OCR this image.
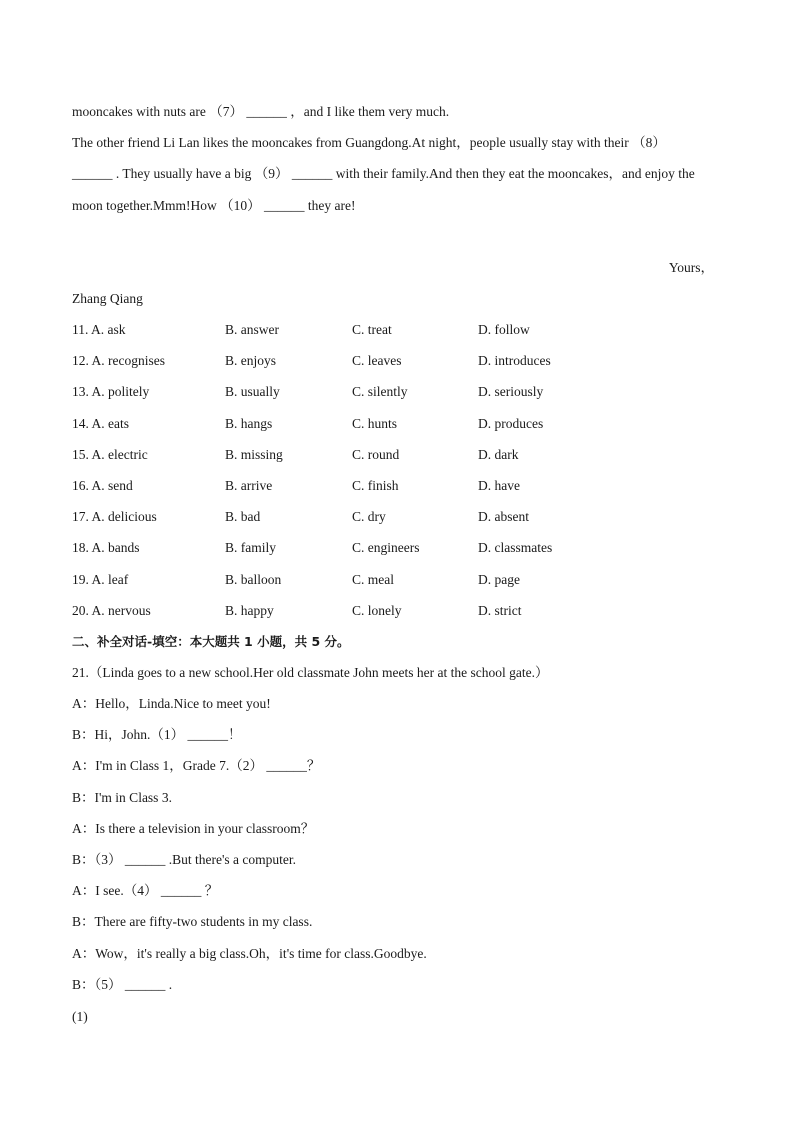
mooncakes with nuts are （7） ______ ，and I like them very much.
The other friend Li Lan likes the mooncakes from Guangdong.At night，people usually stay with their （8）
______ . They usually have a big （9） ______ with their family.And then they eat the mooncakes，and enjoy the
moon together.Mmm!How （10） ______ they are!
Yours，
Zhang Qiang
11. A. ask	B. answer	C. treat	D. follow
12. A. recognises	B. enjoys	C. leaves	D. introduces
13. A. politely	B. usually	C. silently	D. seriously
14. A. eats	B. hangs	C. hunts	D. produces
15. A. electric	B. missing	C. round	D. dark
16. A. send	B. arrive	C. finish	D. have
17. A. delicious	B. bad	C. dry	D. absent
18. A. bands	B. family	C. engineers	D. classmates
19. A. leaf	B. balloon	C. meal	D. page
20. A. nervous	B. happy	C. lonely	D. strict
二、补全对话-填空：本大题共 1 小题，共 5 分。
21.（Linda goes to a new school.Her old classmate John meets her at the school gate.）
A：Hello，Linda.Nice to meet you!
B：Hi，John.（1） ______！
A：I'm in Class 1，Grade 7.（2） ______？
B：I'm in Class 3.
A：Is there a television in your classroom？
B：（3） ______ .But there's a computer.
A：I see.（4） ______ ？
B：There are fifty-two students in my class.
A：Wow，it's really a big class.Oh，it's time for class.Goodbye.
B：（5） ______ .
(1)
